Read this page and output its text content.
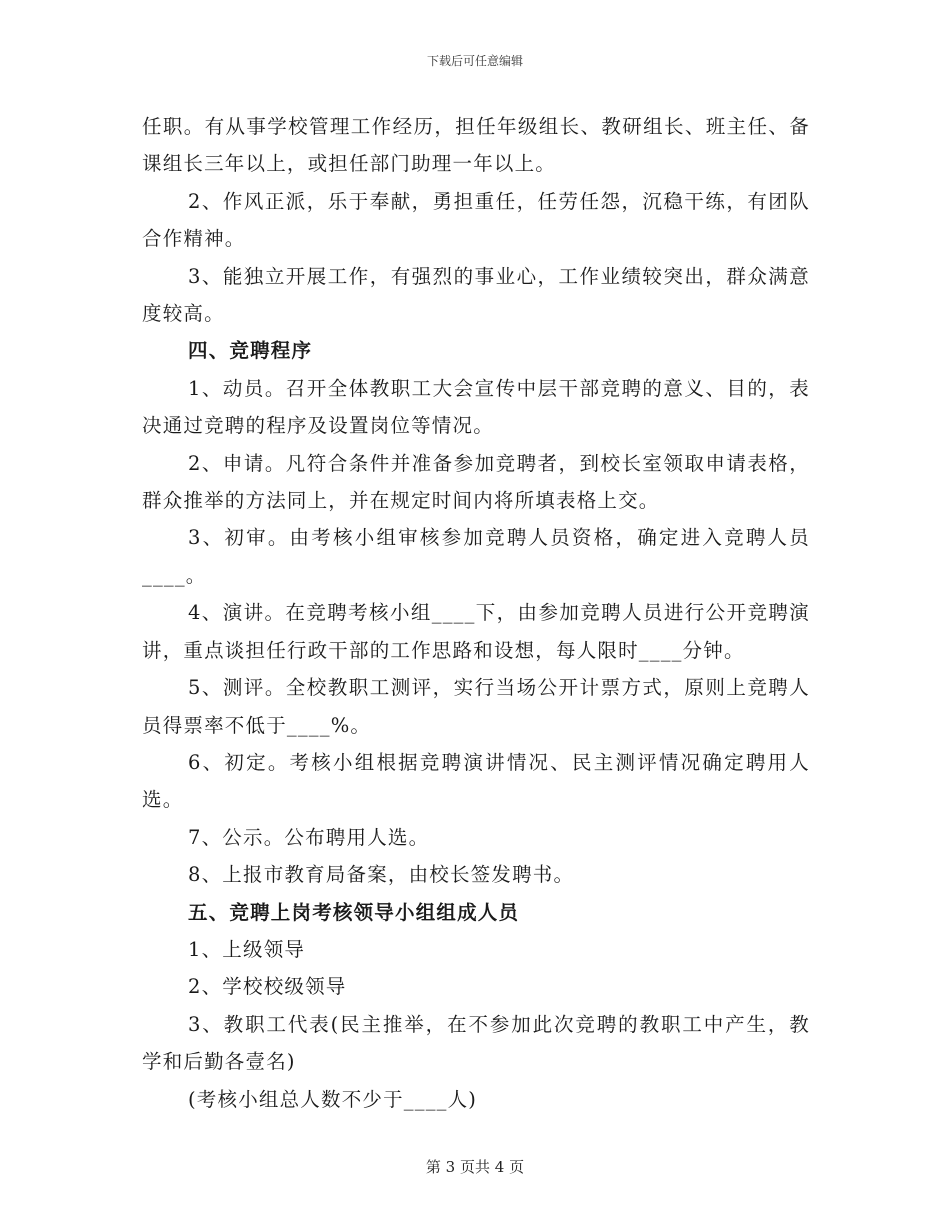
下载后可任意编辑

任职。有从事学校管理工作经历，担任年级组长、教研组长、班主任、备课组长三年以上，或担任部门助理一年以上。

2、作风正派，乐于奉献，勇担重任，任劳任怨，沉稳干练，有团队合作精神。

3、能独立开展工作，有强烈的事业心，工作业绩较突出，群众满意度较高。

四、竞聘程序

1、动员。召开全体教职工大会宣传中层干部竞聘的意义、目的，表决通过竞聘的程序及设置岗位等情况。

2、申请。凡符合条件并准备参加竞聘者，到校长室领取申请表格，群众推举的方法同上，并在规定时间内将所填表格上交。

3、初审。由考核小组审核参加竞聘人员资格，确定进入竞聘人员____。

4、演讲。在竞聘考核小组____下，由参加竞聘人员进行公开竞聘演讲，重点谈担任行政干部的工作思路和设想，每人限时____分钟。

5、测评。全校教职工测评，实行当场公开计票方式，原则上竞聘人员得票率不低于____%。

6、初定。考核小组根据竞聘演讲情况、民主测评情况确定聘用人选。

7、公示。公布聘用人选。

8、上报市教育局备案，由校长签发聘书。

五、竞聘上岗考核领导小组组成人员

1、上级领导

2、学校校级领导

3、教职工代表(民主推举，在不参加此次竞聘的教职工中产生，教学和后勤各壹名)

(考核小组总人数不少于____人)

第 3 页共 4 页
